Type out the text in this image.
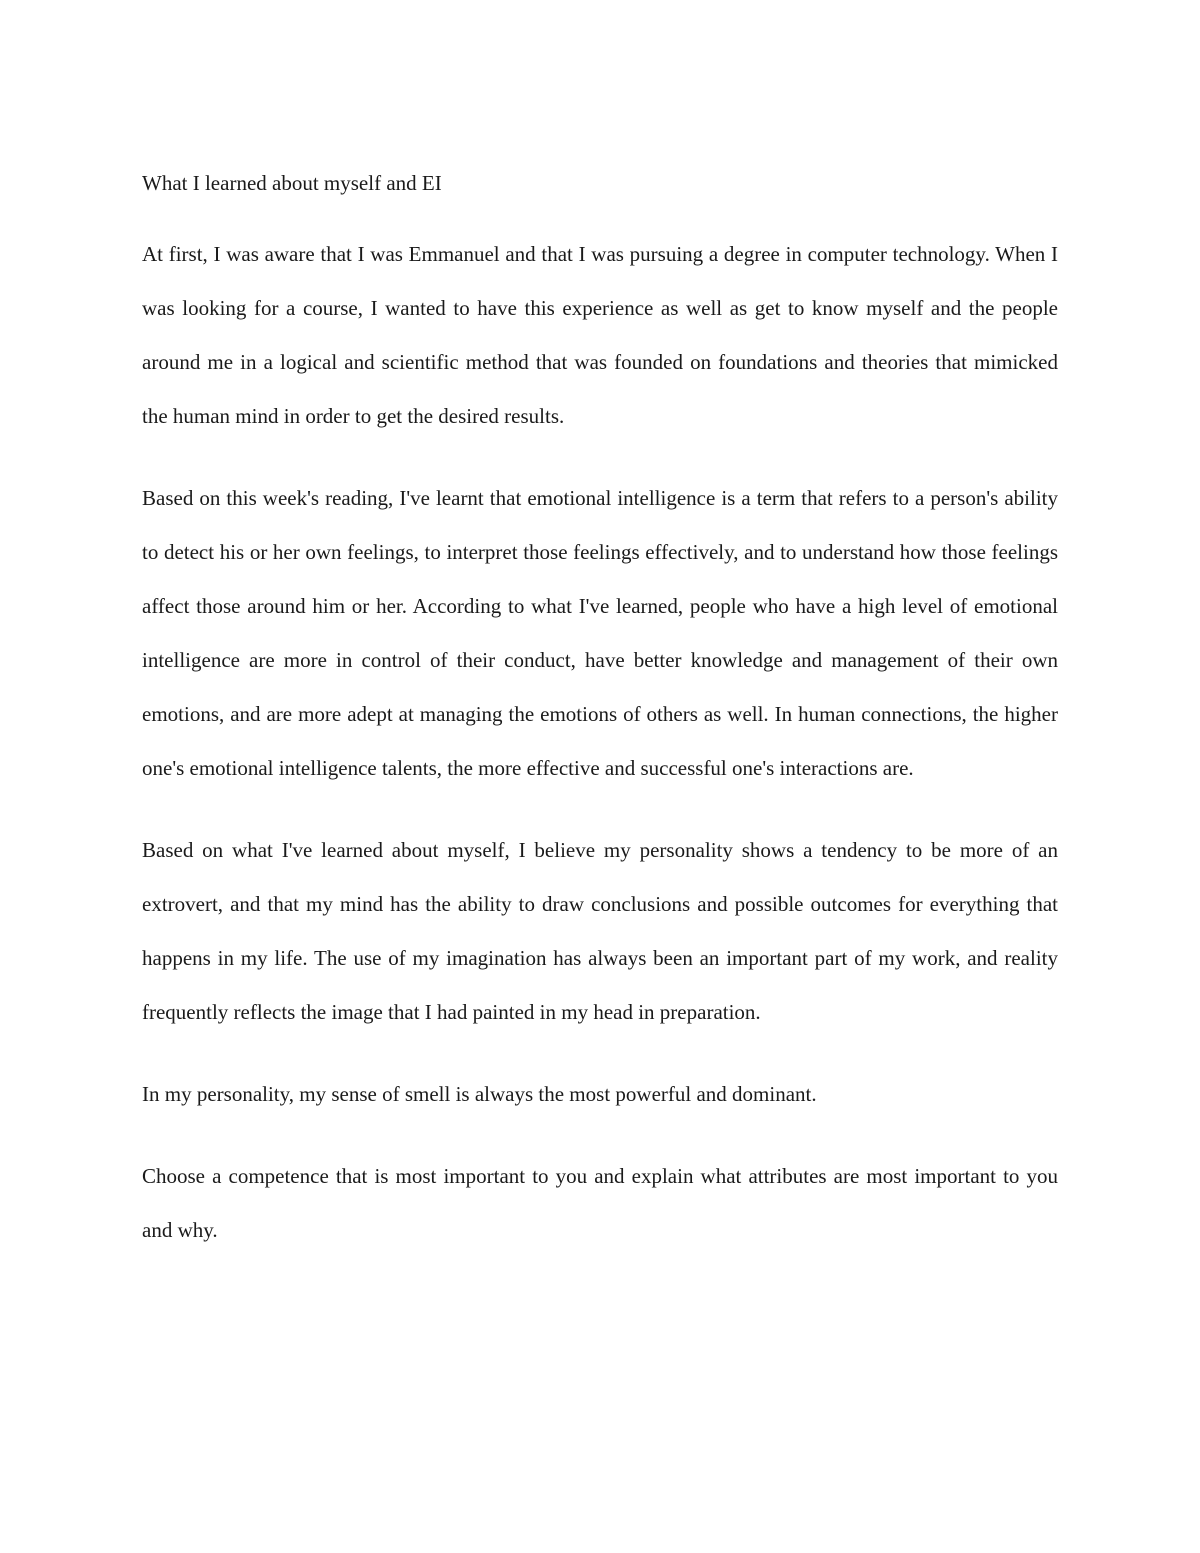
What I learned about myself and EI

At first, I was aware that I was Emmanuel and that I was pursuing a degree in computer technology. When I was looking for a course, I wanted to have this experience as well as get to know myself and the people around me in a logical and scientific method that was founded on foundations and theories that mimicked the human mind in order to get the desired results.

Based on this week's reading, I've learnt that emotional intelligence is a term that refers to a person's ability to detect his or her own feelings, to interpret those feelings effectively, and to understand how those feelings affect those around him or her. According to what I've learned, people who have a high level of emotional intelligence are more in control of their conduct, have better knowledge and management of their own emotions, and are more adept at managing the emotions of others as well. In human connections, the higher one's emotional intelligence talents, the more effective and successful one's interactions are.

Based on what I've learned about myself, I believe my personality shows a tendency to be more of an extrovert, and that my mind has the ability to draw conclusions and possible outcomes for everything that happens in my life. The use of my imagination has always been an important part of my work, and reality frequently reflects the image that I had painted in my head in preparation.

In my personality, my sense of smell is always the most powerful and dominant.

Choose a competence that is most important to you and explain what attributes are most important to you and why.
